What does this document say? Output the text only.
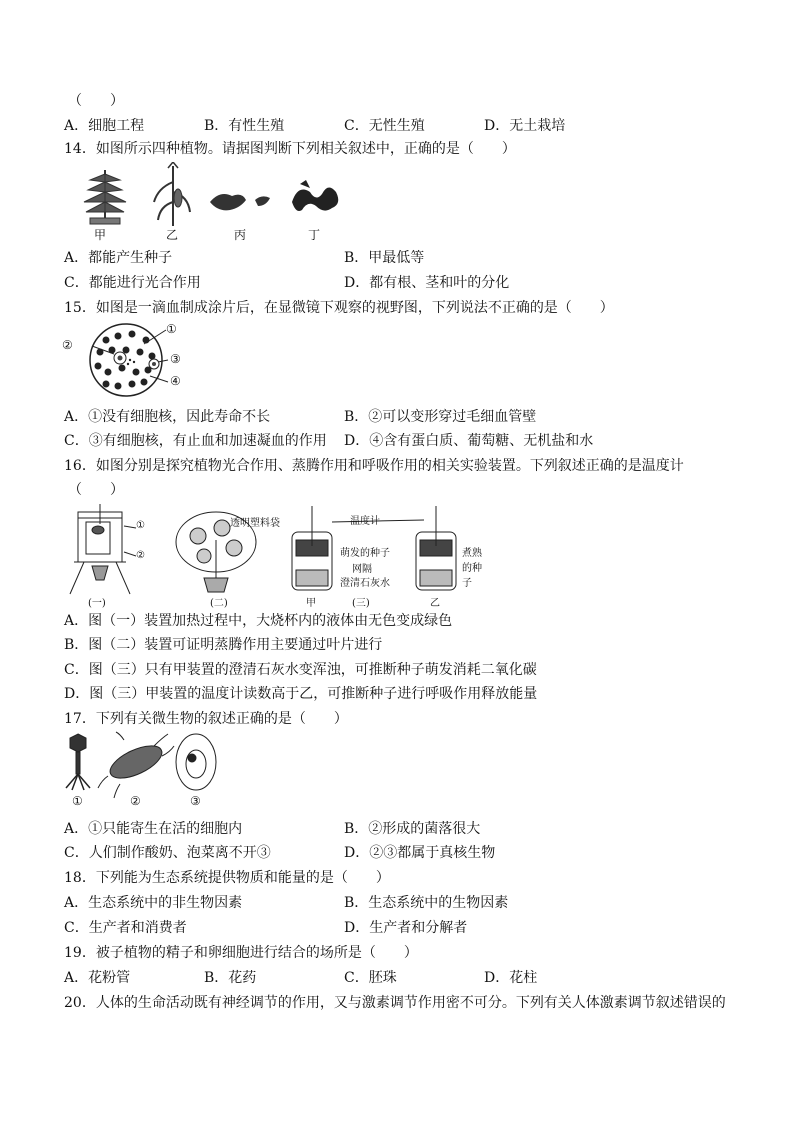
（　　）
A．细胞工程	B．有性生殖	C．无性生殖	D．无土栽培
14．如图所示四种植物。请据图判断下列相关叙述中，正确的是（　　）
甲	乙	丙	丁
A．都能产生种子	B．甲最低等
C．都能进行光合作用	D．都有根、茎和叶的分化
15．如图是一滴血制成涂片后，在显微镜下观察的视野图，下列说法不正确的是（　　）
②
①
③
④
A．①没有细胞核，因此寿命不长	B．②可以变形穿过毛细血管壁
C．③有细胞核，有止血和加速凝血的作用 D．④含有蛋白质、葡萄糖、无机盐和水
16．如图分别是探究植物光合作用、蒸腾作用和呼吸作用的相关实验装置。下列叙述正确的是温度计
（　　）
①
②
透明塑料袋	温度计
萌发的种子
网隔
澄清石灰水
煮熟的种子
(一)	(二)	(三)
甲	乙
A．图（一）装置加热过程中，大烧杯内的液体由无色变成绿色
B．图（二）装置可证明蒸腾作用主要通过叶片进行
C．图（三）只有甲装置的澄清石灰水变浑浊，可推断种子萌发消耗二氧化碳
D．图（三）甲装置的温度计读数高于乙，可推断种子进行呼吸作用释放能量
17．下列有关微生物的叙述正确的是（　　）
①	②	③
A．①只能寄生在活的细胞内	B．②形成的菌落很大
C．人们制作酸奶、泡菜离不开③	D．②③都属于真核生物
18．下列能为生态系统提供物质和能量的是（　　）
A．生态系统中的非生物因素	B．生态系统中的生物因素
C．生产者和消费者	D．生产者和分解者
19．被子植物的精子和卵细胞进行结合的场所是（　　）
A．花粉管	B．花药	C．胚珠	D．花柱
20．人体的生命活动既有神经调节的作用，又与激素调节作用密不可分。下列有关人体激素调节叙述错误的
